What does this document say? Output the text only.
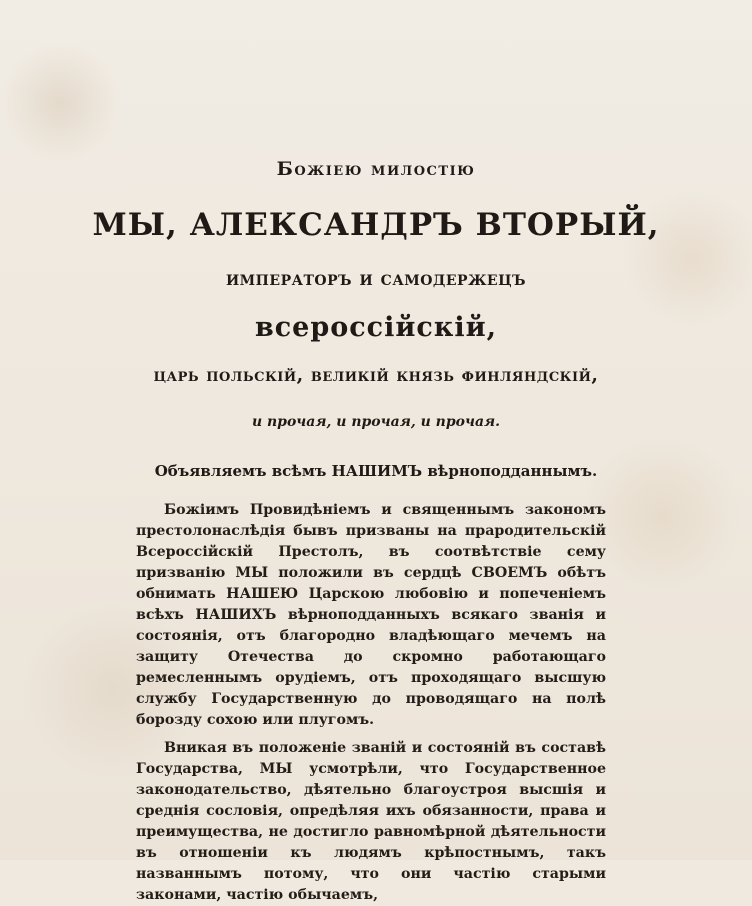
Божiею милостiю
МЫ, АЛЕКСАНДРЪ ВТОРЫЙ,
императоръ и самодержецъ
всероссiйскiй,
царь польскiй, великiй князь финляндскiй,
и прочая, и прочая, и прочая.
Объявляемъ всѣмъ НАШИМЪ вѣрноподданнымъ.
Божiимъ Провидѣнiемъ и священнымъ закономъ престолонаслѣдiя бывъ призваны на прародительскiй Всероссiйскiй Престолъ, въ соотвѣтствiе сему призванiю МЫ положили въ сердцѣ СВОЕМЪ обѣтъ обнимать НАШЕЮ Царскою любовiю и попеченiемъ всѣхъ НАШИХЪ вѣрноподданныхъ всякаго званiя и состоянiя, отъ благородно владѣющаго мечемъ на защиту Отечества до скромно работающаго ремесленнымъ орудiемъ, отъ проходящаго высшую службу Государственную до проводящаго на полѣ борозду сохою или плугомъ.
Вникая въ положенiе званiй и состоянiй въ составѣ Государства, МЫ усмотрѣли, что Государственное законодательство, дѣятельно благоустроя высшiя и среднiя сословiя, опредѣляя ихъ обязанности, права и преимущества, не достигло равномѣрной дѣятельности въ отношенiи къ людямъ крѣпостнымъ, такъ названнымъ потому, что они частiю старыми законами, частiю обычаемъ,
